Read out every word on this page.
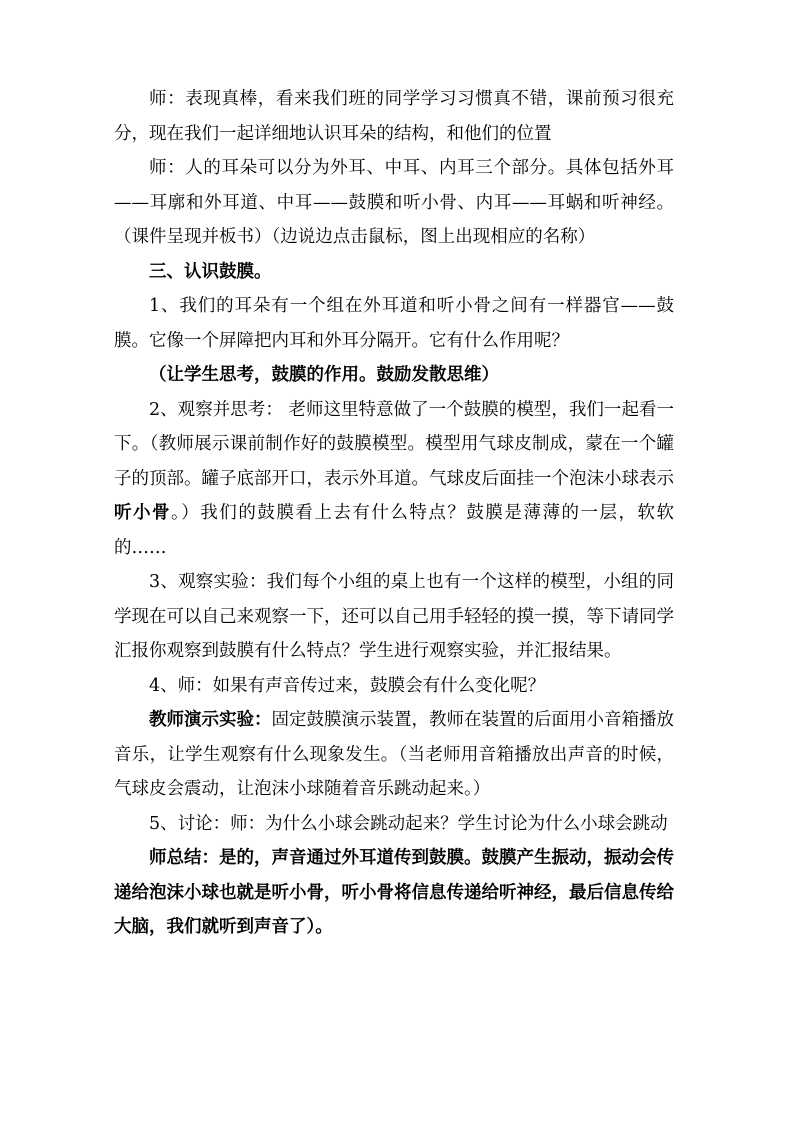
师：表现真棒，看来我们班的同学学习习惯真不错，课前预习很充分，现在我们一起详细地认识耳朵的结构，和他们的位置

师：人的耳朵可以分为外耳、中耳、内耳三个部分。具体包括外耳——耳廓和外耳道、中耳——鼓膜和听小骨、内耳——耳蜗和听神经。（课件呈现并板书）（边说边点击鼠标，图上出现相应的名称）

三、认识鼓膜。

1、我们的耳朵有一个组在外耳道和听小骨之间有一样器官——鼓膜。它像一个屏障把内耳和外耳分隔开。它有什么作用呢？

（让学生思考，鼓膜的作用。鼓励发散思维）

2、观察并思考： 老师这里特意做了一个鼓膜的模型，我们一起看一下。（教师展示课前制作好的鼓膜模型。模型用气球皮制成，蒙在一个罐子的顶部。罐子底部开口，表示外耳道。气球皮后面挂一个泡沫小球表示听小骨。）我们的鼓膜看上去有什么特点？鼓膜是薄薄的一层，软软的……

3、观察实验：我们每个小组的桌上也有一个这样的模型，小组的同学现在可以自己来观察一下，还可以自己用手轻轻的摸一摸，等下请同学汇报你观察到鼓膜有什么特点？学生进行观察实验，并汇报结果。

4、师：如果有声音传过来，鼓膜会有什么变化呢？

教师演示实验：固定鼓膜演示装置，教师在装置的后面用小音箱播放音乐，让学生观察有什么现象发生。（当老师用音箱播放出声音的时候，气球皮会震动，让泡沫小球随着音乐跳动起来。）

5、讨论：师：为什么小球会跳动起来？学生讨论为什么小球会跳动

师总结：是的，声音通过外耳道传到鼓膜。鼓膜产生振动，振动会传递给泡沫小球也就是听小骨，听小骨将信息传递给听神经，最后信息传给大脑，我们就听到声音了）。
